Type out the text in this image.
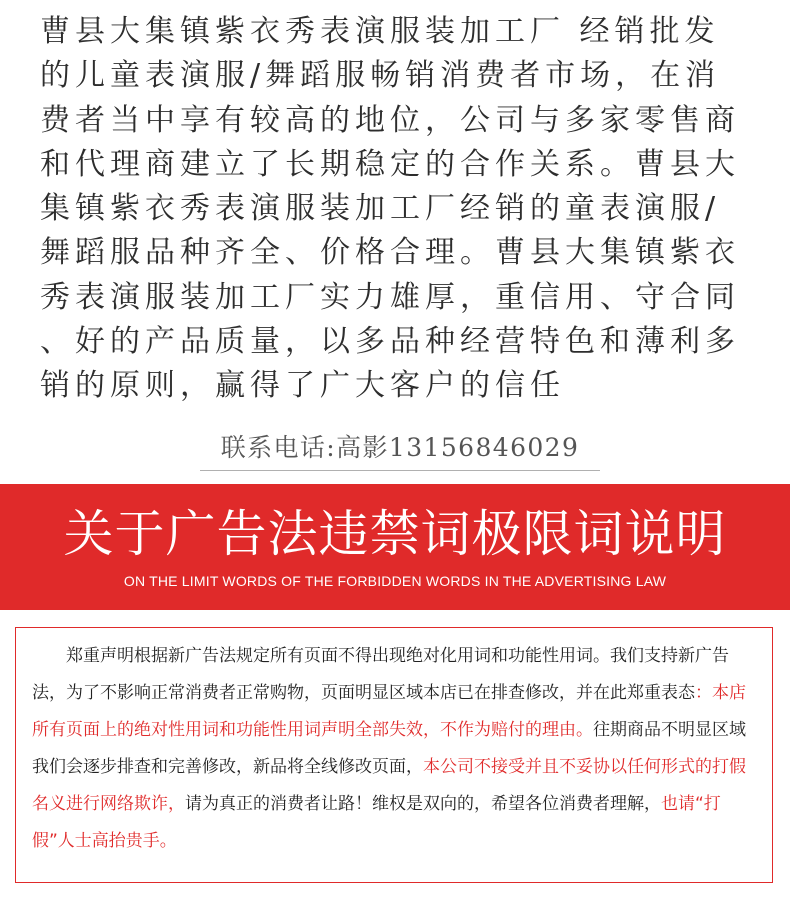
曹县大集镇紫衣秀表演服装加工厂 经销批发
的儿童表演服/舞蹈服畅销消费者市场，在消
费者当中享有较高的地位，公司与多家零售商
和代理商建立了长期稳定的合作关系。曹县大
集镇紫衣秀表演服装加工厂经销的童表演服/
舞蹈服品种齐全、价格合理。曹县大集镇紫衣
秀表演服装加工厂实力雄厚，重信用、守合同
、好的产品质量，以多品种经营特色和薄利多
销的原则，赢得了广大客户的信任
联系电话:高影13156846029
关于广告法违禁词极限词说明
ON THE LIMIT WORDS OF THE FORBIDDEN WORDS IN THE ADVERTISING LAW
郑重声明根据新广告法规定所有页面不得出现绝对化用词和功能性用词。我们支持新广告法，为了不影响正常消费者正常购物，页面明显区域本店已在排查修改，并在此郑重表态：本店所有页面上的绝对性用词和功能性用词声明全部失效，不作为赔付的理由。往期商品不明显区域我们会逐步排查和完善修改，新品将全线修改页面，本公司不接受并且不妥协以任何形式的打假名义进行网络欺诈，请为真正的消费者让路！维权是双向的，希望各位消费者理解，也请“打假”人士高抬贵手。
